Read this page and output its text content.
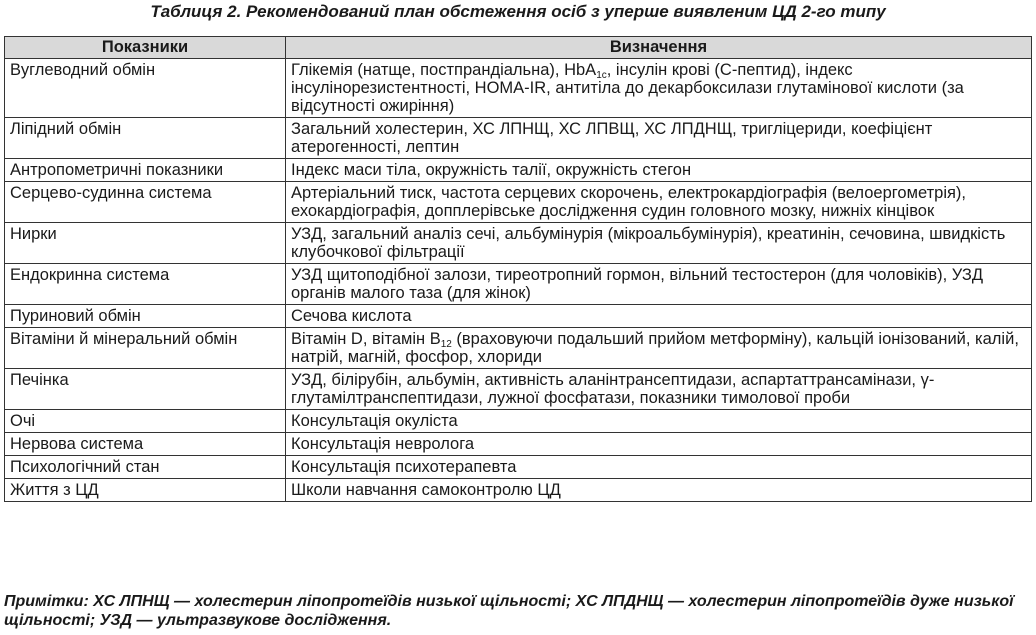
Таблиця 2. Рекомендований план обстеження осіб з уперше виявленим ЦД 2-го типу
Показники	Визначення
Вуглеводний обмін	Глікемія (натще, постпрандіальна), HbA$_{1c}$, інсулін крові (С-пептид), індекс інсулінорезистентності, HOMA-IR, антитіла до декарбоксилази глутамінової кислоти (за відсутності ожиріння)
Ліпідний обмін	Загальний холестерин, ХС ЛПНЩ, ХС ЛПВЩ, ХС ЛПДНЩ, тригліцериди, коефіцієнт атерогенності, лептин
Антропометричні показники	Індекс маси тіла, окружність талії, окружність стегон
Серцево-судинна система	Артеріальний тиск, частота серцевих скорочень, електрокардіографія (велоергометрія), ехокардіографія, допплерівське дослідження судин головного мозку, нижніх кінцівок
Нирки	УЗД, загальний аналіз сечі, альбумінурія (мікроальбумінурія), креатинін, сечовина, швидкість клубочкової фільтрації
Ендокринна система	УЗД щитоподібної залози, тиреотропний гормон, вільний тестостерон (для чоловіків), УЗД органів малого таза (для жінок)
Пуриновий обмін	Сечова кислота
Вітаміни й мінеральний обмін	Вітамін D, вітамін $В_{12}$ (враховуючи подальший прийом метформіну), кальцій іонізований, калій, натрій, магній, фосфор, хлориди
Печінка	УЗД, білірубін, альбумін, активність аланінтрансептидази, аспартаттрансамінази, γ-глутамілтранспептидази, лужної фосфатази, показники тимолової проби
Очі	Консультація окуліста
Нервова система	Консультація невролога
Психологічний стан	Консультація психотерапевта
Життя з ЦД	Школи навчання самоконтролю ЦД
Примітки: ХС ЛПНЩ — холестерин ліпопротеїдів низької щільності; ХС ЛПДНЩ — холестерин ліпопротеїдів дуже низької щільності; УЗД — ультразвукове дослідження.
